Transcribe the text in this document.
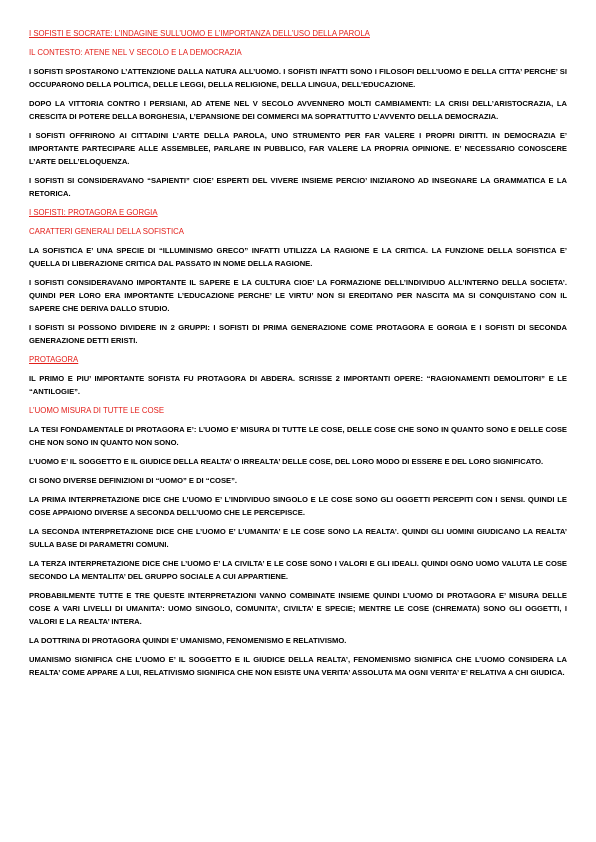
I SOFISTI E SOCRATE: L’INDAGINE SULL’UOMO E L’IMPORTANZA DELL’USO DELLA PAROLA
IL CONTESTO: ATENE NEL V SECOLO E LA DEMOCRAZIA

I SOFISTI SPOSTARONO L’ATTENZIONE DALLA NATURA ALL’UOMO. I SOFISTI INFATTI SONO I FILOSOFI DELL’UOMO E DELLA CITTA’ PERCHE’ SI OCCUPARONO DELLA POLITICA, DELLE LEGGI, DELLA RELIGIONE, DELLA LINGUA, DELL’EDUCAZIONE.

DOPO LA VITTORIA CONTRO I PERSIANI, AD ATENE NEL V SECOLO AVVENNERO MOLTI CAMBIAMENTI: LA CRISI DELL’ARISTOCRAZIA, LA CRESCITA DI POTERE DELLA BORGHESIA, L’EPANSIONE DEI COMMERCI MA SOPRATTUTTO L’AVVENTO DELLA DEMOCRAZIA.

I SOFISTI OFFRIRONO AI CITTADINI L’ARTE DELLA PAROLA, UNO STRUMENTO PER FAR VALERE I PROPRI DIRITTI. IN DEMOCRAZIA E’ IMPORTANTE PARTECIPARE ALLE ASSEMBLEE, PARLARE IN PUBBLICO, FAR VALERE LA PROPRIA OPINIONE. E’ NECESSARIO CONOSCERE L’ARTE DELL’ELOQUENZA.

I SOFISTI SI CONSIDERAVANO “SAPIENTI” CIOE’ ESPERTI DEL VIVERE INSIEME PERCIO’ INIZIARONO AD INSEGNARE LA GRAMMATICA E LA RETORICA.

I SOFISTI: PROTAGORA E GORGIA
CARATTERI GENERALI DELLA SOFISTICA

LA SOFISTICA E’ UNA SPECIE DI “ILLUMINISMO GRECO” INFATTI UTILIZZA LA RAGIONE E LA CRITICA. LA FUNZIONE DELLA SOFISTICA E’ QUELLA DI LIBERAZIONE CRITICA DAL PASSATO IN NOME DELLA RAGIONE.

I SOFISTI CONSIDERAVANO IMPORTANTE IL SAPERE E LA CULTURA CIOE’ LA FORMAZIONE DELL’INDIVIDUO ALL’INTERNO DELLA SOCIETA’. QUINDI PER LORO ERA IMPORTANTE L’EDUCAZIONE PERCHE’ LE VIRTU’ NON SI EREDITANO PER NASCITA MA SI CONQUISTANO CON IL SAPERE CHE DERIVA DALLO STUDIO.

I SOFISTI SI POSSONO DIVIDERE IN 2 GRUPPI: I SOFISTI DI PRIMA GENERAZIONE COME PROTAGORA E GORGIA E I SOFISTI DI SECONDA GENERAZIONE DETTI ERISTI.

PROTAGORA

IL PRIMO E PIU’ IMPORTANTE SOFISTA FU PROTAGORA DI ABDERA. SCRISSE 2 IMPORTANTI OPERE: “RAGIONAMENTI DEMOLITORI” E LE “ANTILOGIE”.

L’UOMO MISURA DI TUTTE LE COSE

LA TESI FONDAMENTALE DI PROTAGORA E’: L’UOMO E’ MISURA DI TUTTE LE COSE, DELLE COSE CHE SONO IN QUANTO SONO E DELLE COSE CHE NON SONO IN QUANTO NON SONO.

L’UOMO E’ IL SOGGETTO E IL GIUDICE DELLA REALTA’ O IRREALTA’ DELLE COSE, DEL LORO MODO DI ESSERE E DEL LORO SIGNIFICATO.

CI SONO DIVERSE DEFINIZIONI DI “UOMO” E DI “COSE”.

LA PRIMA INTERPRETAZIONE DICE CHE L’UOMO E’ L’INDIVIDUO SINGOLO E LE COSE SONO GLI OGGETTI PERCEPITI CON I SENSI. QUINDI LE COSE APPAIONO DIVERSE A SECONDA DELL’UOMO CHE LE PERCEPISCE.

LA SECONDA INTERPRETAZIONE DICE CHE L’UOMO E’ L’UMANITA’ E LE COSE SONO LA REALTA’. QUINDI GLI UOMINI GIUDICANO LA REALTA’ SULLA BASE DI PARAMETRI COMUNI.

LA TERZA INTERPRETAZIONE DICE CHE L’UOMO E’ LA CIVILTA’ E LE COSE SONO I VALORI E GLI IDEALI. QUINDI OGNO UOMO VALUTA LE COSE SECONDO LA MENTALITA’ DEL GRUPPO SOCIALE A CUI APPARTIENE.

PROBABILMENTE TUTTE E TRE QUESTE INTERPRETAZIONI VANNO COMBINATE INSIEME QUINDI L’UOMO DI PROTAGORA E’ MISURA DELLE COSE A VARI LIVELLI DI UMANITA’: UOMO SINGOLO, COMUNITA’, CIVILTA’ E SPECIE; MENTRE LE COSE (CHREMATA) SONO GLI OGGETTI, I VALORI E LA REALTA’ INTERA.

LA DOTTRINA DI PROTAGORA QUINDI E’ UMANISMO, FENOMENISMO E RELATIVISMO.

UMANISMO SIGNIFICA CHE L’UOMO E’ IL SOGGETTO E IL GIUDICE DELLA REALTA’, FENOMENISMO SIGNIFICA CHE L’UOMO CONSIDERA LA REALTA’ COME APPARE A LUI, RELATIVISMO SIGNIFICA CHE NON ESISTE UNA VERITA’ ASSOLUTA MA OGNI VERITA’ E’ RELATIVA A CHI GIUDICA.
